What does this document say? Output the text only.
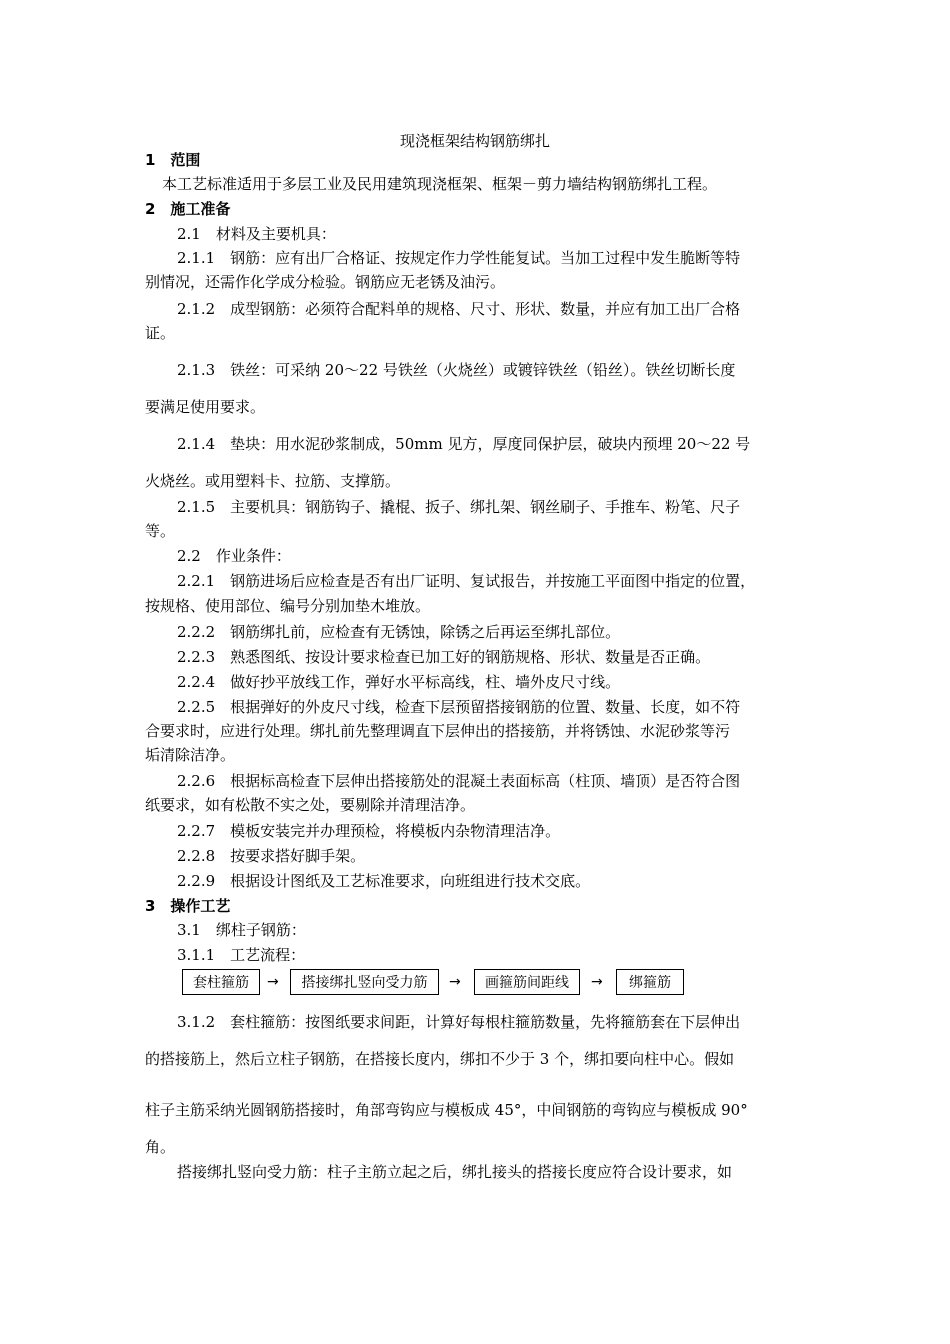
现浇框架结构钢筋绑扎
1　范围
本工艺标准适用于多层工业及民用建筑现浇框架、框架－剪力墙结构钢筋绑扎工程。
2　施工准备
2.1　材料及主要机具：
2.1.1　钢筋：应有出厂合格证、按规定作力学性能复试。当加工过程中发生脆断等特
别情况，还需作化学成分检验。钢筋应无老锈及油污。
2.1.2　成型钢筋：必须符合配料单的规格、尺寸、形状、数量，并应有加工出厂合格
证。
2.1.3　铁丝：可采纳 20～22 号铁丝（火烧丝）或镀锌铁丝（铅丝）。铁丝切断长度
要满足使用要求。
2.1.4　垫块：用水泥砂浆制成，50mm 见方，厚度同保护层，破块内预埋 20～22 号
火烧丝。或用塑料卡、拉筋、支撑筋。
2.1.5　主要机具：钢筋钩子、撬棍、扳子、绑扎架、钢丝刷子、手推车、粉笔、尺子
等。
2.2　作业条件：
2.2.1　钢筋进场后应检查是否有出厂证明、复试报告，并按施工平面图中指定的位置，
按规格、使用部位、编号分别加垫木堆放。
2.2.2　钢筋绑扎前，应检查有无锈蚀，除锈之后再运至绑扎部位。
2.2.3　熟悉图纸、按设计要求检查已加工好的钢筋规格、形状、数量是否正确。
2.2.4　做好抄平放线工作，弹好水平标高线，柱、墙外皮尺寸线。
2.2.5　根据弹好的外皮尺寸线，检查下层预留搭接钢筋的位置、数量、长度，如不符
合要求时，应进行处理。绑扎前先整理调直下层伸出的搭接筋，并将锈蚀、水泥砂浆等污
垢清除洁净。
2.2.6　根据标高检查下层伸出搭接筋处的混凝土表面标高（柱顶、墙顶）是否符合图
纸要求，如有松散不实之处，要剔除并清理洁净。
2.2.7　模板安装完并办理预检，将模板内杂物清理洁净。
2.2.8　按要求搭好脚手架。
2.2.9　根据设计图纸及工艺标准要求，向班组进行技术交底。
3　操作工艺
3.1　绑柱子钢筋：
3.1.1　工艺流程：
套柱箍筋	→	搭接绑扎竖向受力筋	→	画箍筋间距线	→	绑箍筋
3.1.2　套柱箍筋：按图纸要求间距，计算好每根柱箍筋数量，先将箍筋套在下层伸出
的搭接筋上，然后立柱子钢筋，在搭接长度内，绑扣不少于 3 个，绑扣要向柱中心。假如
柱子主筋采纳光圆钢筋搭接时，角部弯钩应与模板成 45°，中间钢筋的弯钩应与模板成 90°
角。
搭接绑扎竖向受力筋：柱子主筋立起之后，绑扎接头的搭接长度应符合设计要求，如
